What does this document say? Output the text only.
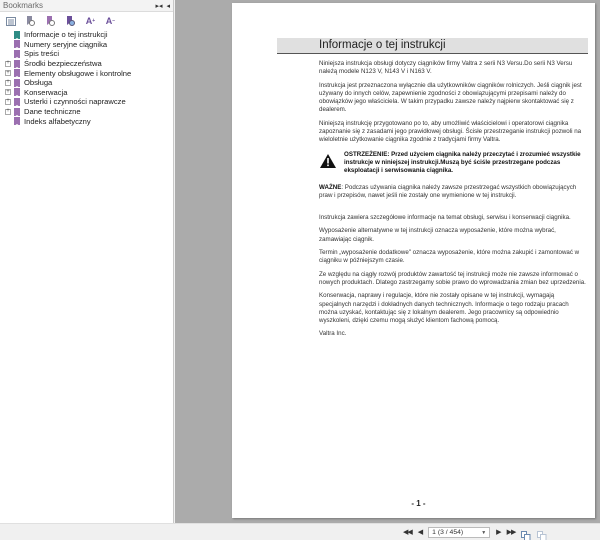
Bookmarks	▸◂ ◂
A + A −
Informacje o tej instrukcji
Numery seryjne ciągnika
Spis treści
+ Środki bezpieczeństwa
+ Elementy obsługowe i kontrolne
+ Obsługa
+ Konserwacja
+ Usterki i czynności naprawcze
+ Dane techniczne
Indeks alfabetyczny
Informacje o tej instrukcji

Niniejsza instrukcja obsługi dotyczy ciągników firmy Valtra z serii N3 Versu.Do serii N3 Versu należą modele N123 V, N143 V i N163 V.

Instrukcja jest przeznaczona wyłącznie dla użytkowników ciągników rolniczych. Jeśli ciągnik jest używany do innych celów, zapewnienie zgodności z obowiązującymi przepisami należy do obowiązków jego właściciela. W takim przypadku zawsze należy najpierw skontaktować się z dealerem.

Niniejszą instrukcję przygotowano po to, aby umożliwić właścicielowi i operatorowi ciągnika zapoznanie się z zasadami jego prawidłowej obsługi. Ścisłe przestrzeganie instrukcji pozwoli na wieloletnie użytkowanie ciągnika zgodnie z tradycjami firmy Valtra.

OSTRZEŻENIE: Przed użyciem ciągnika należy przeczytać i zrozumieć wszystkie instrukcje w niniejszej instrukcji.Muszą być ściśle przestrzegane podczas eksploatacji i serwisowania ciągnika.

WAŻNE: Podczas używania ciągnika należy zawsze przestrzegać wszystkich obowiązujących praw i przepisów, nawet jeśli nie zostały one wymienione w tej instrukcji.

Instrukcja zawiera szczegółowe informacje na temat obsługi, serwisu i konserwacji ciągnika.

Wyposażenie alternatywne w tej instrukcji oznacza wyposażenie, które można wybrać, zamawiając ciągnik.

Termin „wyposażenie dodatkowe" oznacza wyposażenie, które można zakupić i zamontować w ciągniku w późniejszym czasie.

Ze względu na ciągły rozwój produktów zawartość tej instrukcji może nie zawsze informować o nowych produktach. Dlatego zastrzegamy sobie prawo do wprowadzania zmian bez uprzedzenia.

Konserwacja, naprawy i regulacje, które nie zostały opisane w tej instrukcji, wymagają specjalnych narzędzi i dokładnych danych technicznych. Informacje o tego rodzaju pracach można uzyskać, kontaktując się z lokalnym dealerem. Jego pracownicy są odpowiednio wyszkoleni, dzięki czemu mogą służyć klientom fachową pomocą.

Valtra Inc.

- 1 -
◀◀ ◀ 1 (3 / 454)	▼ ▶ ▶▶
